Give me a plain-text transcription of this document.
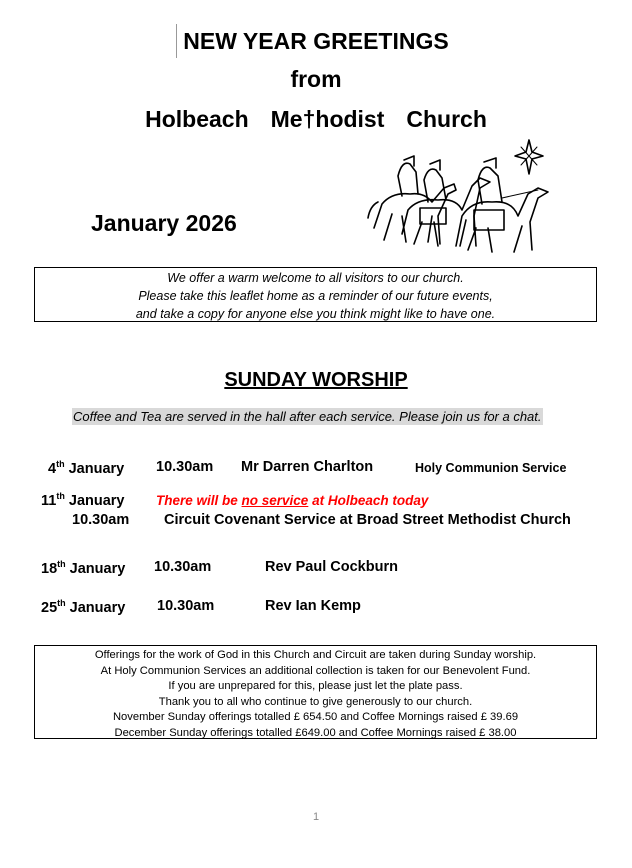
NEW YEAR GREETINGS
from
Holbeach Me†hodist Church
January 2026
We offer a warm welcome to all visitors to our church.
Please take this leaflet home as a reminder of our future events,
and take a copy for anyone else you think might like to have one.
SUNDAY WORSHIP
Coffee and Tea are served in the hall after each service. Please join us for a chat.
4th January 10.30am Mr Darren Charlton	Holy Communion Service
11th January There will be no service at Holbeach today
10.30am Circuit Covenant Service at Broad Street Methodist Church
18th January 10.30am	Rev Paul Cockburn
25th January 10.30am	Rev Ian Kemp
Offerings for the work of God in this Church and Circuit are taken during Sunday worship.
At Holy Communion Services an additional collection is taken for our Benevolent Fund.
If you are unprepared for this, please just let the plate pass.
Thank you to all who continue to give generously to our church.
November Sunday offerings totalled £ 654.50 and Coffee Mornings raised £ 39.69
December Sunday offerings totalled £649.00 and Coffee Mornings raised £ 38.00
1
